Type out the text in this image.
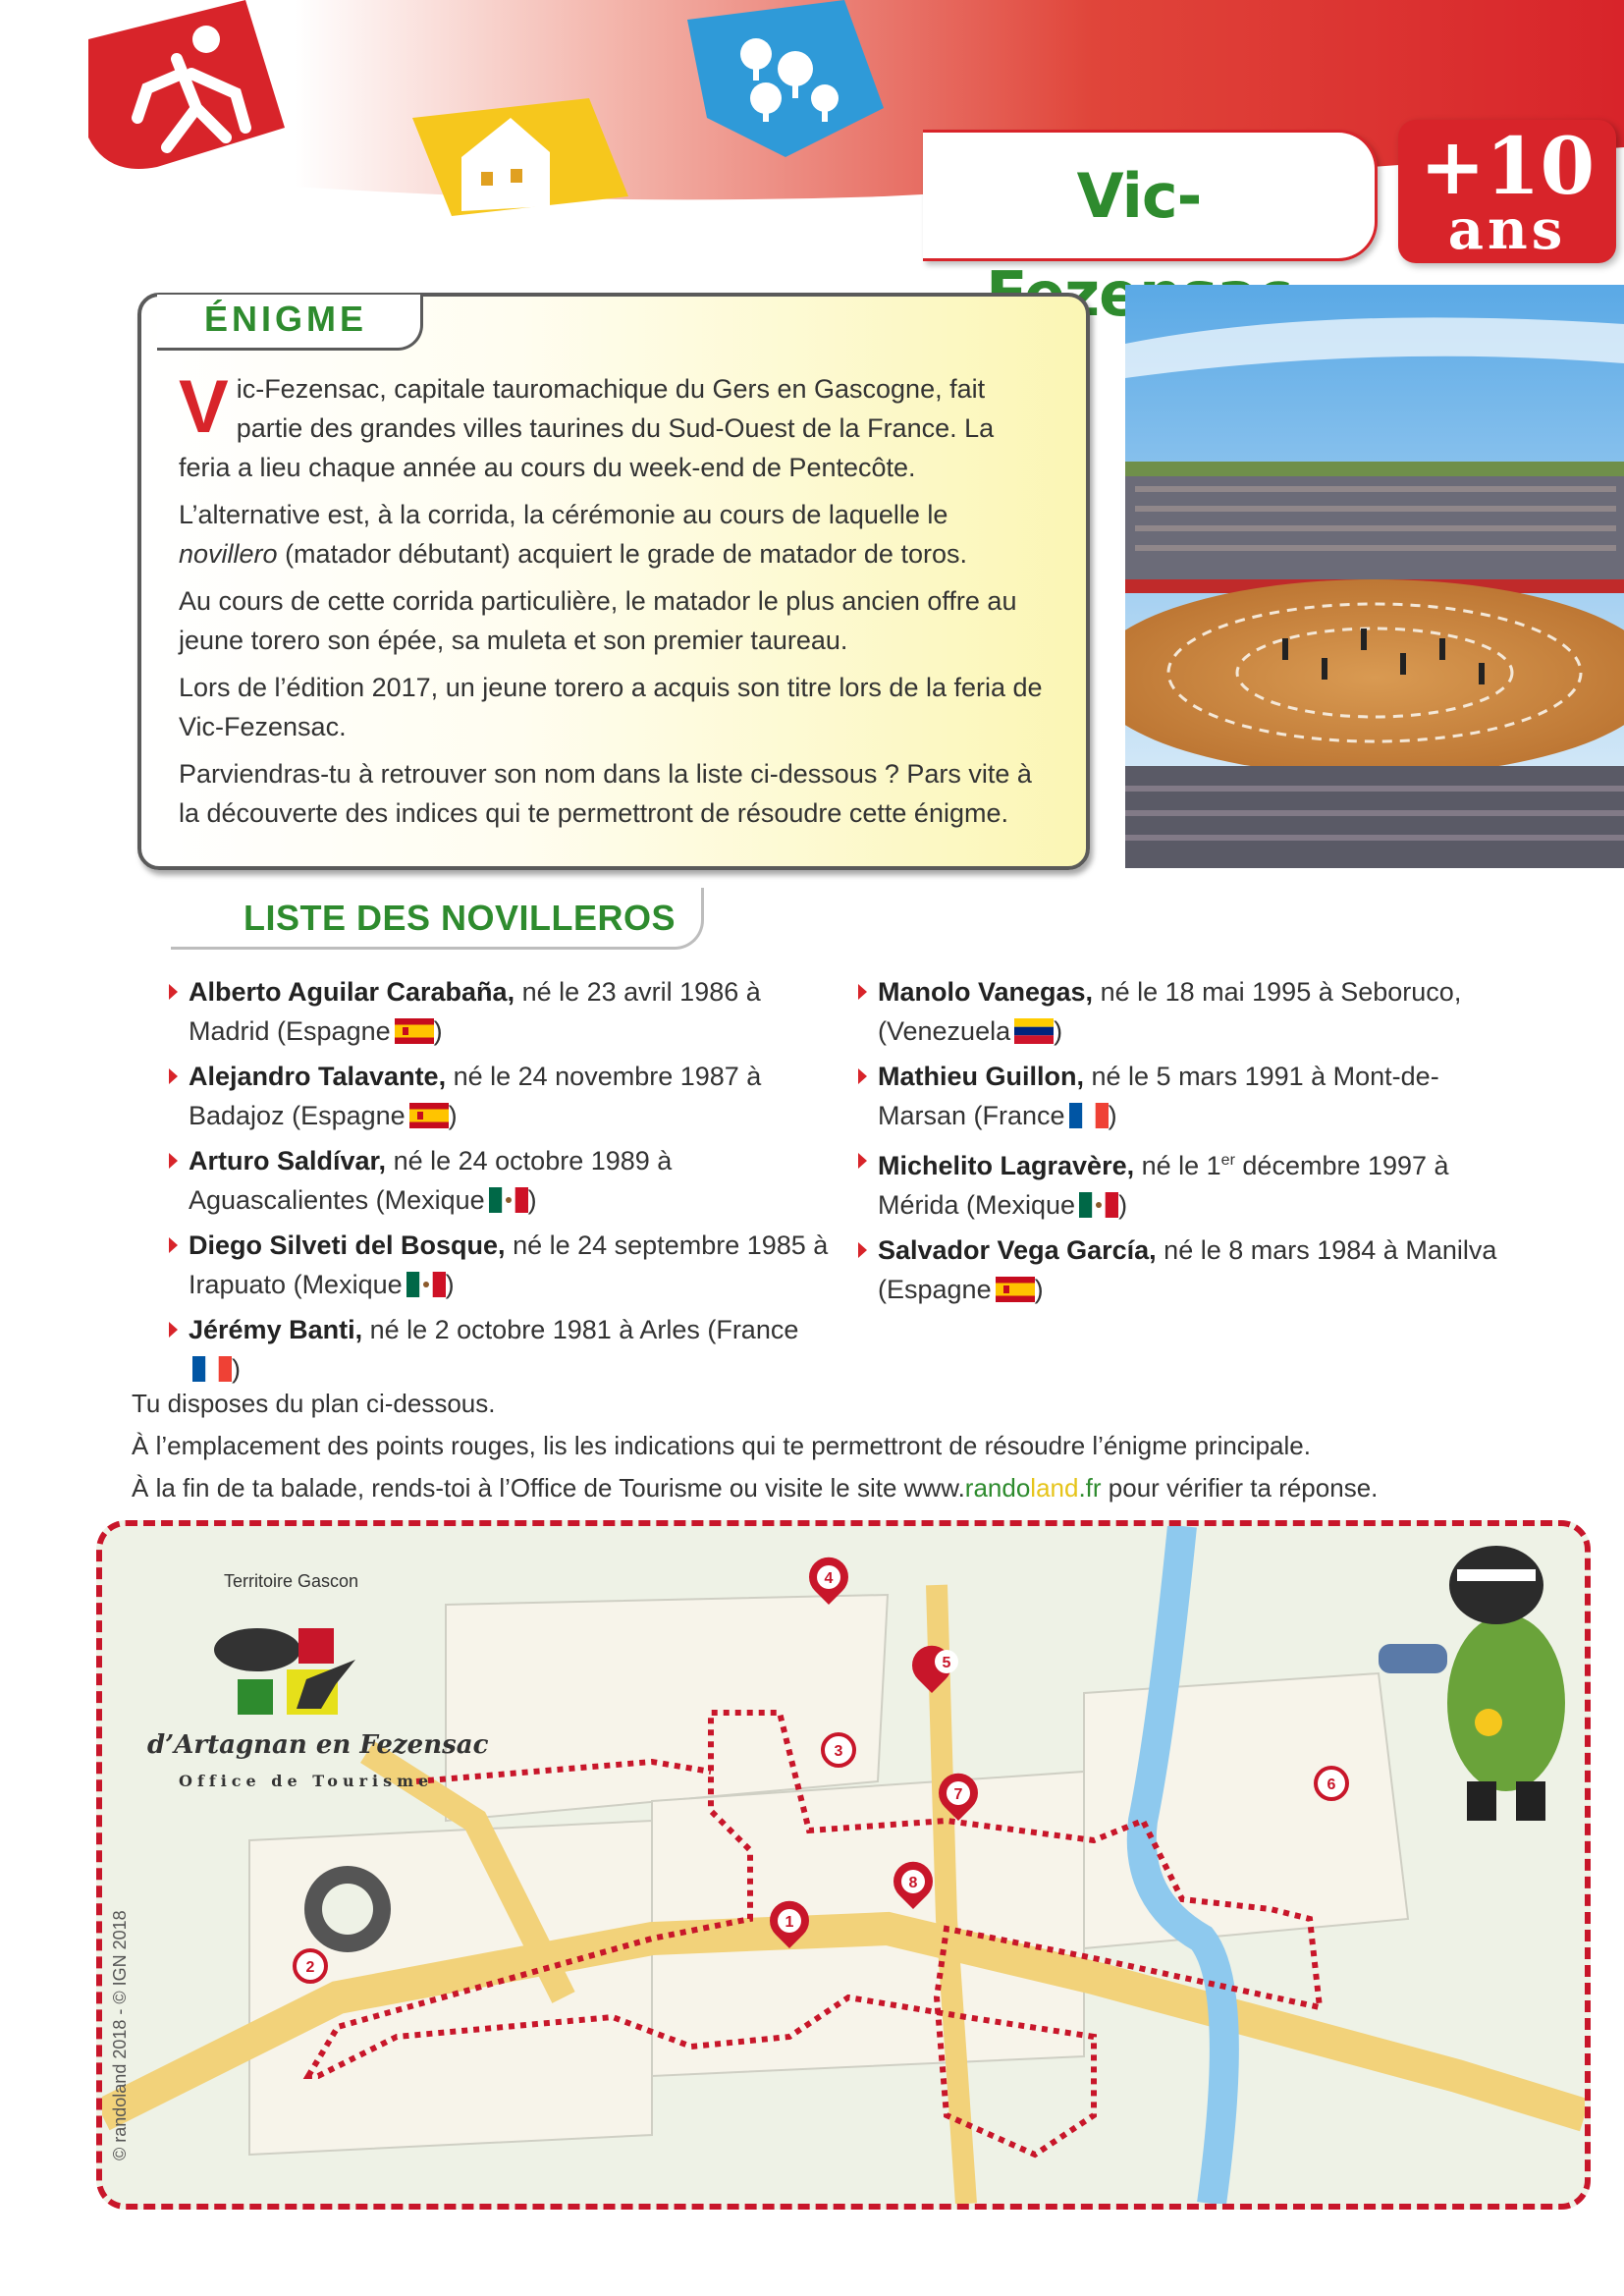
Vic- zen
+10
ans
ÉNIGME

Vic-Fezensac, capitale tauromachique du Gers en Gascogne, fait partie des grandes villes taurines du Sud-Ouest de la France. La feria a lieu chaque année au cours du week-end de Pentecôte.

L’alternative est, à la corrida, la cérémonie au cours de laquelle le novillero (matador débutant) acquiert le grade de matador de toros.

Au cours de cette corrida particulière, le matador le plus ancien offre au jeune torero son épée, sa muleta et son premier taureau.

Lors de l’édition 2017, un jeune torero a acquis son titre lors de la feria de Vic-Fezensac.

Parviendras-tu à retrouver son nom dans la liste ci-dessous ? Pars vite à la découverte des indices qui te permettront de résoudre cette énigme.

LISTE DES NOVILLEROS
Alberto Aguilar Carabaña, né le 23 avril 1986 à Madrid (Espagne )
Alejandro Talavante, né le 24 novembre 1987 à Badajoz (Espagne )
Arturo Saldívar, né le 24 octobre 1989 à Aguascalientes (Mexique )
Diego Silveti del Bosque, né le 24 septembre 1985 à Irapuato (Mexique )
Jérémy Banti, né le 2 octobre 1981 à Arles (France)
Manolo Vanegas, né le 18 mai 1995 à Seboruco, (Venezuela )
Mathieu Guillon, né le 5 mars 1991 à Mont-de-Marsan (France )
Michelito Lagravère, né le 1er décembre 1997 à Mérida (Mexique )
Salvador Vega García, né le 8 mars 1984 à Manilva (Espagne )

Tu disposes du plan ci-dessous.

À l’emplacement des points rouges, lis les indications qui te permettront de résoudre l’énigme principale.

À la fin de ta balade, rends-toi à l’Office de Tourisme ou visite le site www.randoland.fr pour vérifier ta réponse.

1
2
3
4
5
6
7
8
Territoire Gascon
d’Artagnan en Fezensac
Office de Tourisme
© randoland 2018 - © IGN 2018
